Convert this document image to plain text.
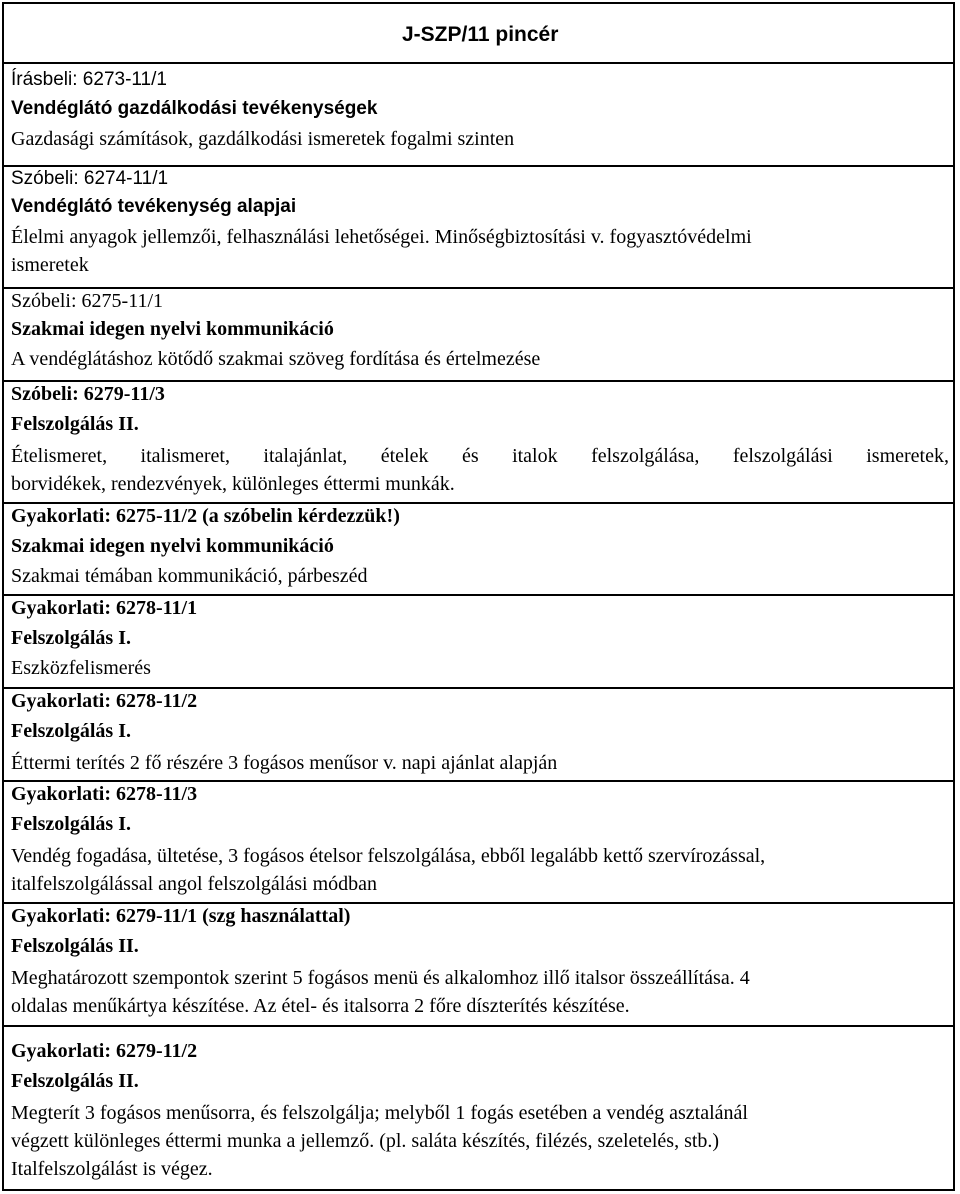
J-SZP/11 pincér
Írásbeli: 6273-11/1
Vendéglátó gazdálkodási tevékenységek
Gazdasági számítások, gazdálkodási ismeretek fogalmi szinten
Szóbeli: 6274-11/1
Vendéglátó tevékenység alapjai
Élelmi anyagok jellemzői, felhasználási lehetőségei. Minőségbiztosítási v. fogyasztóvédelmi
ismeretek
Szóbeli: 6275-11/1
Szakmai idegen nyelvi kommunikáció
A vendéglátáshoz kötődő szakmai szöveg fordítása és értelmezése
Szóbeli: 6279-11/3
Felszolgálás II.
Ételismeret, italismeret, italajánlat, ételek és italok felszolgálása, felszolgálási ismeretek,
borvidékek, rendezvények, különleges éttermi munkák.
Gyakorlati: 6275-11/2 (a szóbelin kérdezzük!)
Szakmai idegen nyelvi kommunikáció
Szakmai témában kommunikáció, párbeszéd
Gyakorlati: 6278-11/1
Felszolgálás I.
Eszközfelismerés
Gyakorlati: 6278-11/2
Felszolgálás I.
Éttermi terítés 2 fő részére 3 fogásos menűsor v. napi ajánlat alapján
Gyakorlati: 6278-11/3
Felszolgálás I.
Vendég fogadása, ültetése, 3 fogásos ételsor felszolgálása, ebből legalább kettő szervírozással,
italfelszolgálással angol felszolgálási módban
Gyakorlati: 6279-11/1 (szg használattal)
Felszolgálás II.
Meghatározott szempontok szerint 5 fogásos menü és alkalomhoz illő italsor összeállítása. 4
oldalas menűkártya készítése. Az étel- és italsorra 2 főre díszterítés készítése.
Gyakorlati: 6279-11/2
Felszolgálás II.
Megterít 3 fogásos menűsorra, és felszolgálja; melyből 1 fogás esetében a vendég asztalánál
végzett különleges éttermi munka a jellemző. (pl. saláta készítés, filézés, szeletelés, stb.)
Italfelszolgálást is végez.
